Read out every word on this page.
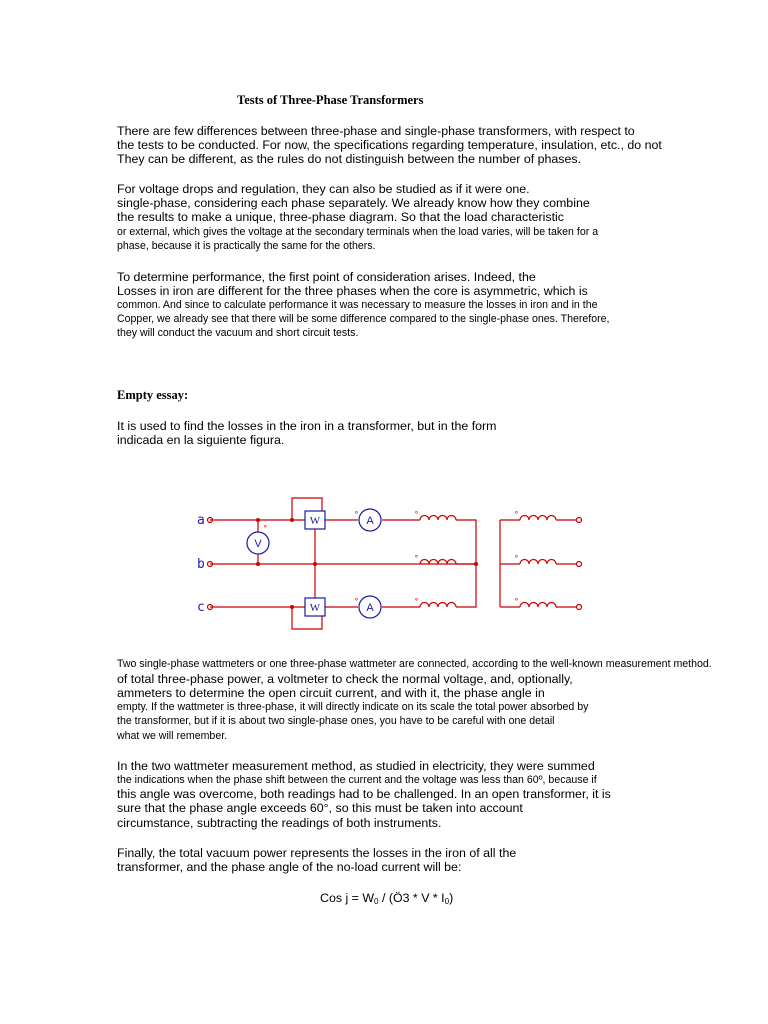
Tests of Three-Phase Transformers
There are few differences between three-phase and single-phase transformers, with respect to
the tests to be conducted. For now, the specifications regarding temperature, insulation, etc., do not
They can be different, as the rules do not distinguish between the number of phases.
For voltage drops and regulation, they can also be studied as if it were one.
single-phase, considering each phase separately. We already know how they combine
the results to make a unique, three-phase diagram. So that the load characteristic
or external, which gives the voltage at the secondary terminals when the load varies, will be taken for a
phase, because it is practically the same for the others.
To determine performance, the first point of consideration arises. Indeed, the
Losses in iron are different for the three phases when the core is asymmetric, which is
common. And since to calculate performance it was necessary to measure the losses in iron and in the
Copper, we already see that there will be some difference compared to the single-phase ones. Therefore,
they will conduct the vacuum and short circuit tests.
Empty essay:
It is used to find the losses in the iron in a transformer, but in the form
indicada en la siguiente figura.
°	°	°
°	°
°	°	°
°
W
W
A
A
V
a
b
c
Two single-phase wattmeters or one three-phase wattmeter are connected, according to the well-known measurement method.
of total three-phase power, a voltmeter to check the normal voltage, and, optionally,
ammeters to determine the open circuit current, and with it, the phase angle in
empty. If the wattmeter is three-phase, it will directly indicate on its scale the total power absorbed by
the transformer, but if it is about two single-phase ones, you have to be careful with one detail
what we will remember.
In the two wattmeter measurement method, as studied in electricity, they were summed
the indications when the phase shift between the current and the voltage was less than 60º, because if
this angle was overcome, both readings had to be challenged. In an open transformer, it is
sure that the phase angle exceeds 60°, so this must be taken into account
circumstance, subtracting the readings of both instruments.
Finally, the total vacuum power represents the losses in the iron of all the
transformer, and the phase angle of the no-load current will be:
Cos $j = W_0$ / (Ö3 * V * $I_0$)
